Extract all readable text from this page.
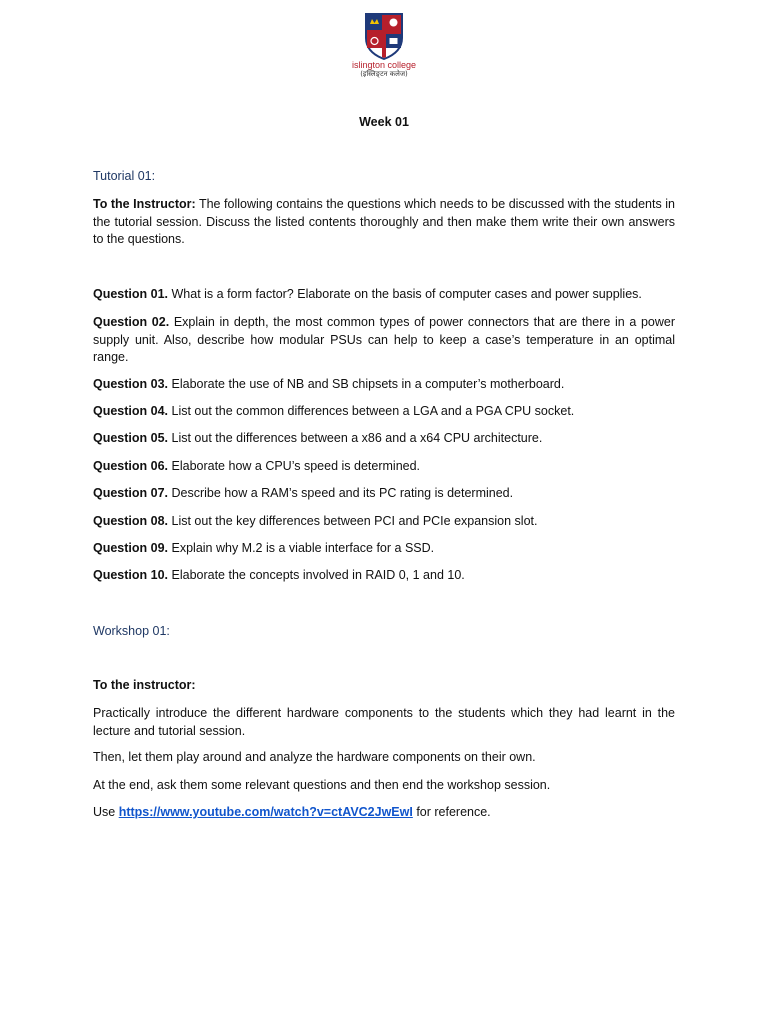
islington college
(इस्लिङ्टन कलेज)
Week 01
Tutorial 01:

To the Instructor: The following contains the questions which needs to be discussed with the students in the tutorial session. Discuss the listed contents thoroughly and then make them write their own answers to the questions.

Question 01. What is a form factor? Elaborate on the basis of computer cases and power supplies.

Question 02. Explain in depth, the most common types of power connectors that are there in a power supply unit. Also, describe how modular PSUs can help to keep a case’s temperature in an optimal range.

Question 03. Elaborate the use of NB and SB chipsets in a computer’s motherboard.

Question 04. List out the common differences between a LGA and a PGA CPU socket.

Question 05. List out the differences between a x86 and a x64 CPU architecture.

Question 06. Elaborate how a CPU’s speed is determined.

Question 07. Describe how a RAM’s speed and its PC rating is determined.

Question 08. List out the key differences between PCI and PCIe expansion slot.

Question 09. Explain why M.2 is a viable interface for a SSD.

Question 10. Elaborate the concepts involved in RAID 0, 1 and 10.

Workshop 01:

To the instructor:

Practically introduce the different hardware components to the students which they had learnt in the lecture and tutorial session.

Then, let them play around and analyze the hardware components on their own.

At the end, ask them some relevant questions and then end the workshop session.

Use https://www.youtube.com/watch?v=ctAVC2JwEwI for reference.
